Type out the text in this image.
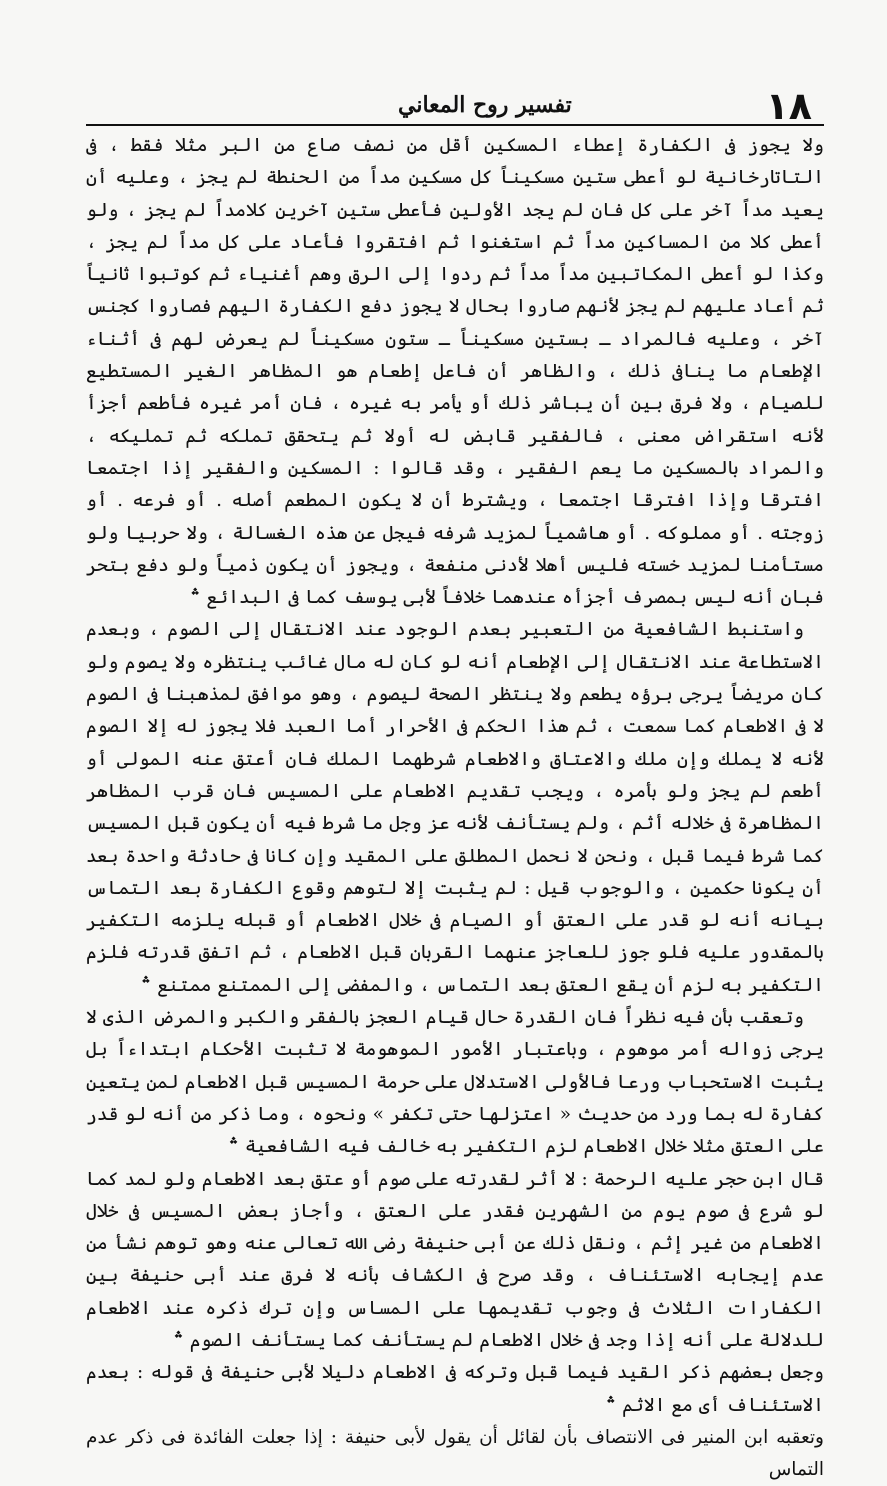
تفسير روح المعاني	١٨

ولا يجوز فى الكفارة إعطاء المسكين أقل من نصف صاع من البر مثلا فقط ، فى التاتارخانية لو أعطى ستين مسكيناً كل مسكين مداً من الحنطة لم يجز ، وعليه أن يعيد مداً آخر على كل فان لم يجد الأولين فأعطى ستين آخرين كلامداً لم يجز ، ولو أعطى كلا من المساكين مداً ثم استغنوا ثم افتقروا فأعاد على كل مداً لم يجز ، وكذا لو أعطى المكاتبين مداً مداً ثم ردوا إلى الرق وهم أغنياء ثم كوتبوا ثانياً ثم أعاد عليهم لم يجز لأنهم صاروا بحال لا يجوز دفع الكفارة اليهم فصاروا كجنس آخر ، وعليه فالمراد ـ بستين مسكيناً ـ ستون مسكيناً لم يعرض لهم فى أثناء الإطعام ما ينافى ذلك ، والظاهر أن فاعل إطعام هو المظاهر الغير المستطيع للصيام ، ولا فرق بين أن يباشر ذلك أو يأمر به غيره ، فان أمر غيره فأطعم أجزأ لأنه استقراض معنى ، فالفقير قابض له أولا ثم يتحقق تملكه ثم تمليكه ، والمراد بالمسكين ما يعم الفقير ، وقد قالوا : المسكين والفقير إذا اجتمعا افترقا وإذا افترقا اجتمعا ، ويشترط أن لا يكون المطعم أصله . أو فرعه . أو زوجته . أو مملوكه . أو هاشمياً لمزيد شرفه فيجل عن هذه الغسالة ، ولا حربيا ولو مستأمنا لمزيد خسته فليس أهلا لأدنى منفعة ، ويجوز أن يكون ذمياً ولو دفع بتحر فبان أنه ليس بمصرف أجزأه عندهما خلافاً لأبى يوسف كما فى البدائع ؞

واستنبط الشافعية من التعبير بعدم الوجود عند الانتقال إلى الصوم ، وبعدم الاستطاعة عند الانتقال إلى الإطعام أنه لو كان له مال غائب ينتظره ولا يصوم ولو كان مريضاً يرجى برؤه يطعم ولا ينتظر الصحة ليصوم ، وهو موافق لمذهبنا فى الصوم لا فى الاطعام كما سمعت ، ثم هذا الحكم فى الأحرار أما العبد فلا يجوز له إلا الصوم لأنه لا يملك وإن ملك والاعتاق والاطعام شرطهما الملك فان أعتق عنه المولى أو أطعم لم يجز ولو بأمره ، ويجب تقديم الاطعام على المسيس فان قرب المظاهر المظاهرة فى خلاله أثم ، ولم يستأنف لأنه عز وجل ما شرط فيه أن يكون قبل المسيس كما شرط فيما قبل ، ونحن لا نحمل المطلق على المقيد وإن كانا فى حادثة واحدة بعد أن يكونا حكمين ، والوجوب قيل : لم يثبت إلا لتوهم وقوع الكفارة بعد التماس بيانه أنه لو قدر على العتق أو الصيام فى خلال الاطعام أو قبله يلزمه التكفير بالمقدور عليه فلو جوز للعاجز عنهما القربان قبل الاطعام ، ثم اتفق قدرته فلزم التكفير به لزم أن يقع العتق بعد التماس ، والمفضى إلى الممتنع ممتنع ؞

وتعقب بأن فيه نظراً فان القدرة حال قيام العجز بالفقر والكبر والمرض الذى لا يرجى زواله أمر موهوم ، وباعتبار الأمور الموهومة لا تثبت الأحكام ابتداءاً بل يثبت الاستحباب ورعا فالأولى الاستدلال على حرمة المسيس قبل الاطعام لمن يتعين كفارة له بما ورد من حديث « اعتزلها حتى تكفر » ونحوه ، وما ذكر من أنه لو قدر على العتق مثلا خلال الاطعام لزم التكفير به خالف فيه الشافعية ؞

قال ابن حجر عليه الرحمة : لا أثر لقدرته على صوم أو عتق بعد الاطعام ولو لمد كما لو شرع فى صوم يوم من الشهرين فقدر على العتق ، وأجاز بعض المسيس فى خلال الاطعام من غير إثم ، ونقل ذلك عن أبى حنيفة رضى الله تعالى عنه وهو توهم نشأ من عدم إيجابه الاستئناف ، وقد صرح فى الكشاف بأنه لا فرق عند أبى حنيفة بين الكفارات الثلاث فى وجوب تقديمها على المساس وإن ترك ذكره عند الاطعام للدلالة على أنه إذا وجد فى خلال الاطعام لم يستأنف كما يستأنف الصوم ؞

وجعل بعضهم ذكر القيد فيما قبل وتركه فى الاطعام دليلا لأبى حنيفة فى قوله : بعدم الاستئناف أى مع الاثم ؞

وتعقبه ابن المنير فى الانتصاف بأن لقائل أن يقول لأبى حنيفة : إذا جعلت الفائدة فى ذكر عدم التماس
